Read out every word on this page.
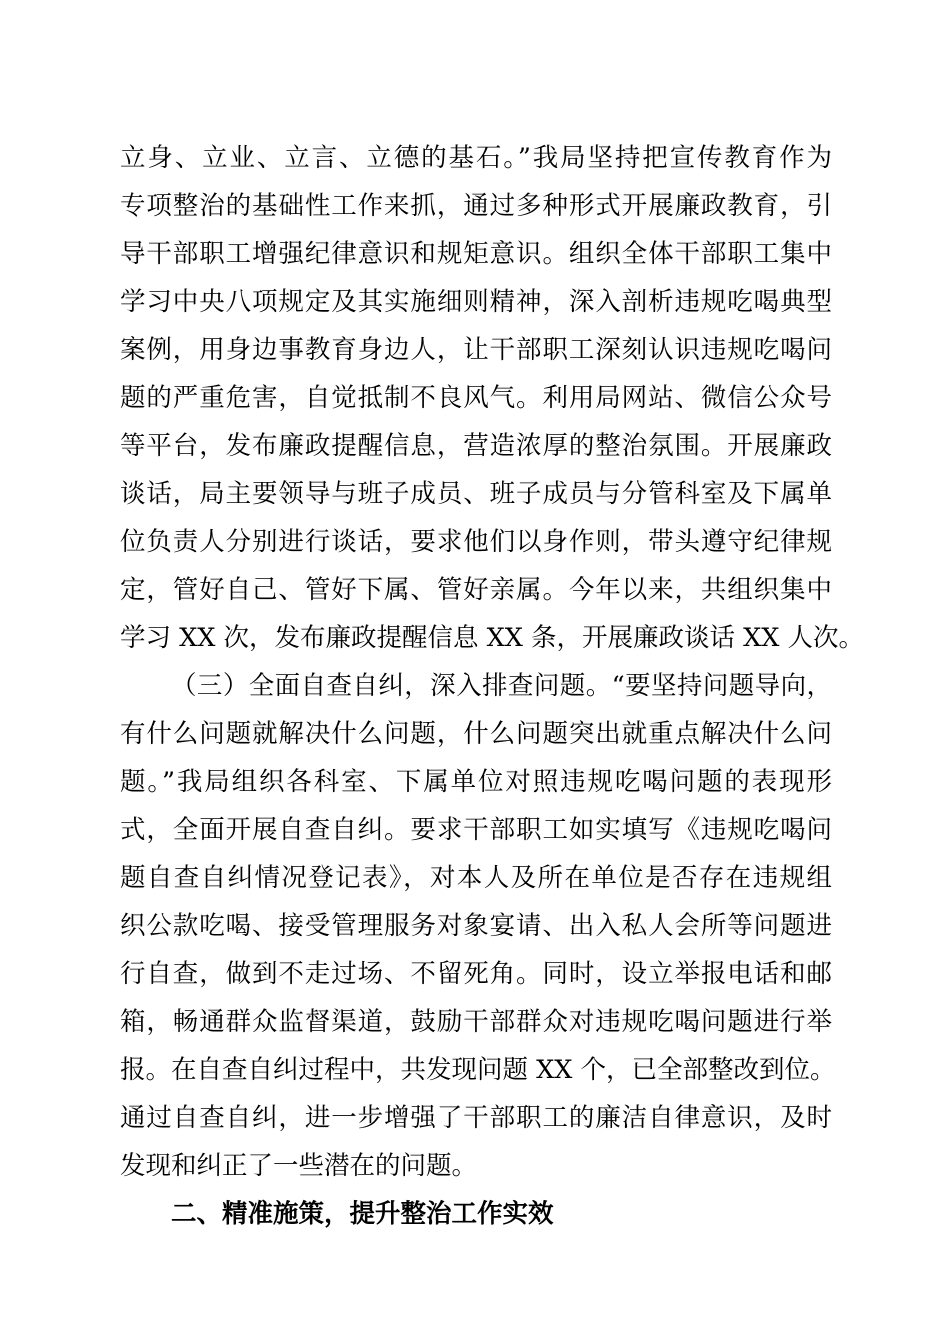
立身、立业、立言、立德的基石。”我局坚持把宣传教育作为
专项整治的基础性工作来抓，通过多种形式开展廉政教育，引
导干部职工增强纪律意识和规矩意识。组织全体干部职工集中
学习中央八项规定及其实施细则精神，深入剖析违规吃喝典型
案例，用身边事教育身边人，让干部职工深刻认识违规吃喝问
题的严重危害，自觉抵制不良风气。利用局网站、微信公众号
等平台，发布廉政提醒信息，营造浓厚的整治氛围。开展廉政
谈话，局主要领导与班子成员、班子成员与分管科室及下属单
位负责人分别进行谈话，要求他们以身作则，带头遵守纪律规
定，管好自己、管好下属、管好亲属。今年以来，共组织集中
学习 XX 次，发布廉政提醒信息 XX 条，开展廉政谈话 XX 人次。
（三）全面自查自纠，深入排查问题。“要坚持问题导向，
有什么问题就解决什么问题，什么问题突出就重点解决什么问
题。”我局组织各科室、下属单位对照违规吃喝问题的表现形
式，全面开展自查自纠。要求干部职工如实填写《违规吃喝问
题自查自纠情况登记表》，对本人及所在单位是否存在违规组
织公款吃喝、接受管理服务对象宴请、出入私人会所等问题进
行自查，做到不走过场、不留死角。同时，设立举报电话和邮
箱，畅通群众监督渠道，鼓励干部群众对违规吃喝问题进行举
报。在自查自纠过程中，共发现问题 XX 个，已全部整改到位。
通过自查自纠，进一步增强了干部职工的廉洁自律意识，及时
发现和纠正了一些潜在的问题。
二、精准施策，提升整治工作实效
